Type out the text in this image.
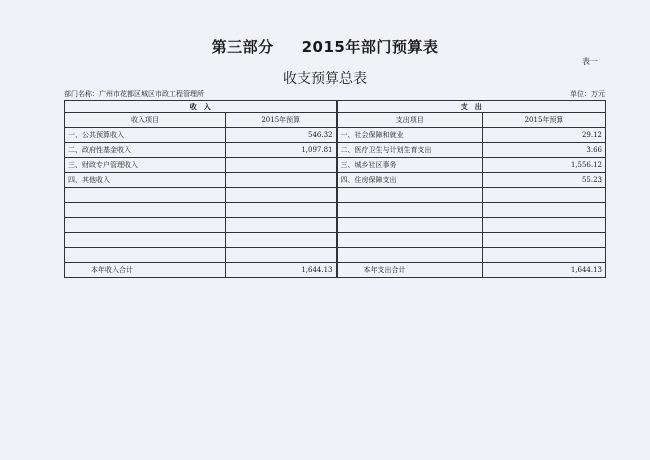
第三部分 2015年部门预算表
表一
收支预算总表
部门名称：广州市花都区城区市政工程管理所	单位：万元
收　入		支　出	
收入项目	2015年预算	支出项目	2015年预算
一、公共预算收入	546.32	一、社会保障和就业	29.12
二、政府性基金收入	1,097.81	二、医疗卫生与计划生育支出	3.66
三、财政专户管理收入		三、城乡社区事务	1,556.12
四、其他收入		四、住房保障支出	55.23

本年收入合计	1,644.13	本年支出合计	1,644.13
